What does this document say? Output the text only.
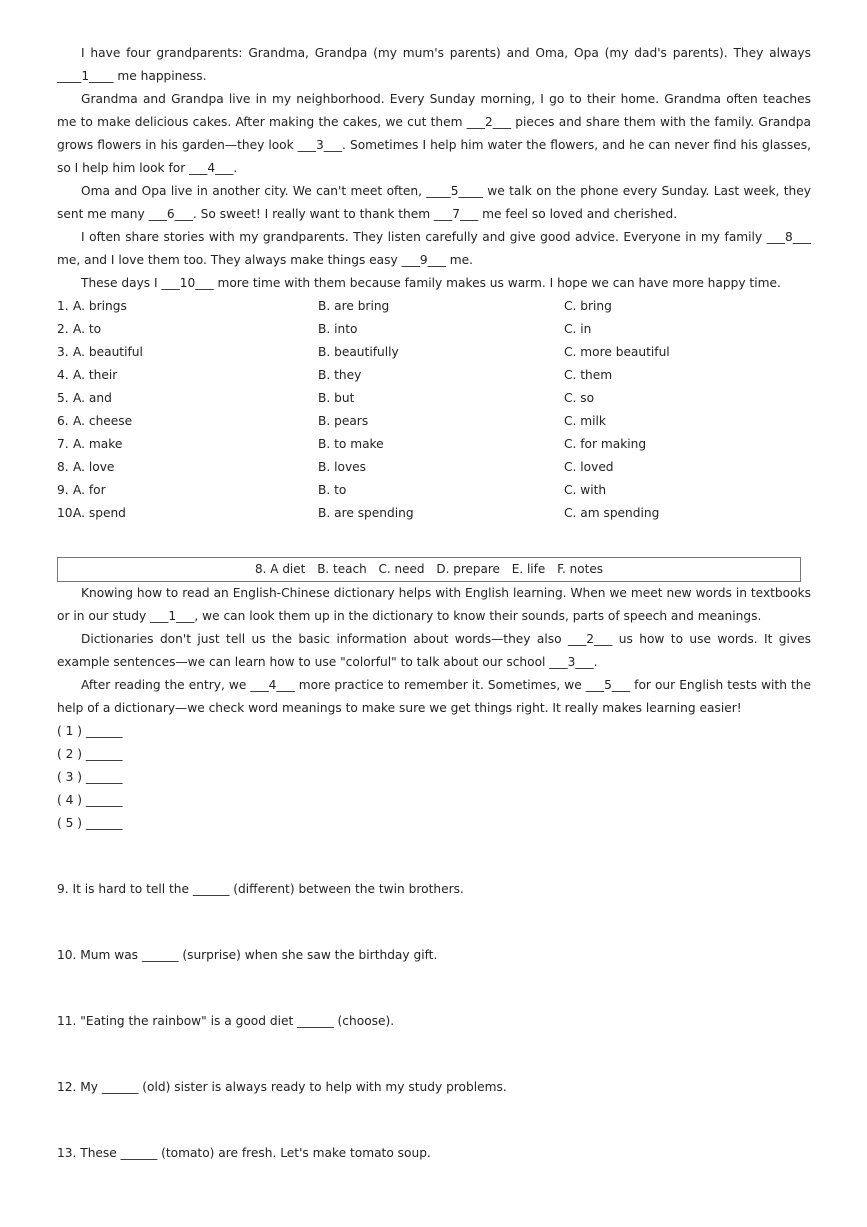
I have four grandparents: Grandma, Grandpa (my mum's parents) and Oma, Opa (my dad's parents). They always ____1____ me happiness.

Grandma and Grandpa live in my neighborhood. Every Sunday morning, I go to their home. Grandma often teaches me to make delicious cakes. After making the cakes, we cut them ___2___ pieces and share them with the family. Grandpa grows flowers in his garden—they look ___3___. Sometimes I help him water the flowers, and he can never find his glasses, so I help him look for ___4___.

Oma and Opa live in another city. We can't meet often, ____5____ we talk on the phone every Sunday. Last week, they sent me many ___6___. So sweet! I really want to thank them ___7___ me feel so loved and cherished.

I often share stories with my grandparents. They listen carefully and give good advice. Everyone in my family ___8___ me, and I love them too. They always make things easy ___9___ me.

These days I ___10___ more time with them because family makes us warm. I hope we can have more happy time.

1. A. brings	B. are bring	C. bring
2. A. to	B. into	C. in
3. A. beautiful	B. beautifully	C. more beautiful
4. A. their	B. they	C. them
5. A. and	B. but	C. so
6. A. cheese	B. pears	C. milk
7. A. make	B. to make	C. for making
8. A. love	B. loves	C. loved
9. A. for	B. to	C. with
10.
A. spend	B. are spending	C. am spending
8. A diet B. teach C. need D. prepare E. life F. notes

Knowing how to read an English-Chinese dictionary helps with English learning. When we meet new words in textbooks or in our study ___1___, we can look them up in the dictionary to know their sounds, parts of speech and meanings.

Dictionaries don't just tell us the basic information about words—they also ___2___ us how to use words. It gives example sentences—we can learn how to use "colorful" to talk about our school ___3___.

After reading the entry, we ___4___ more practice to remember it. Sometimes, we ___5___ for our English tests with the help of a dictionary—we check word meanings to make sure we get things right. It really makes learning easier!

( 1 ) ______
( 2 ) ______
( 3 ) ______
( 4 ) ______
( 5 ) ______
9. It is hard to tell the ______ (different) between the twin brothers.
10. Mum was ______ (surprise) when she saw the birthday gift.
11. "Eating the rainbow" is a good diet ______ (choose).
12. My ______ (old) sister is always ready to help with my study problems.
13. These ______ (tomato) are fresh. Let's make tomato soup.
